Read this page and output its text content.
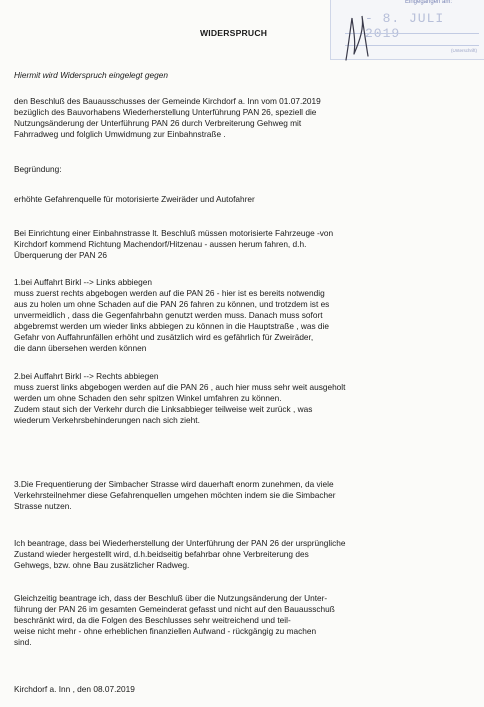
Eingegangen am:
- 8. JULI 2019
(Unterschrift)
WIDERSPRUCH
Hiermit wird Widerspruch eingelegt gegen
den Beschluß des Bauausschusses der Gemeinde Kirchdorf a. Inn vom 01.07.2019
bezüglich des Bauvorhabens Wiederherstellung Unterführung PAN 26, speziell die
Nutzungsänderung der Unterführung PAN 26 durch Verbreiterung Gehweg mit
Fahrradweg und folglich Umwidmung zur Einbahnstraße .
Begründung:
erhöhte Gefahrenquelle für motorisierte Zweiräder und Autofahrer
Bei Einrichtung einer Einbahnstrasse lt. Beschluß müssen motorisierte Fahrzeuge -von
Kirchdorf kommend Richtung Machendorf/Hitzenau - aussen herum fahren, d.h.
Überquerung der PAN 26
1.bei Auffahrt Birkl --> Links abbiegen
muss zuerst rechts abgebogen werden auf die PAN 26 - hier ist es bereits notwendig
aus zu holen um ohne Schaden auf die PAN 26 fahren zu können, und trotzdem ist es
unvermeidlich , dass die Gegenfahrbahn genutzt werden muss. Danach muss sofort
abgebremst werden um wieder links abbiegen zu können in die Hauptstraße , was die
Gefahr von Auffahrunfällen erhöht und zusätzlich wird es gefährlich für Zweiräder,
die dann übersehen werden können
2.bei Auffahrt Birkl --> Rechts abbiegen
muss zuerst links abgebogen werden auf die PAN 26 , auch hier muss sehr weit ausgeholt
werden um ohne Schaden den sehr spitzen Winkel umfahren zu können.
Zudem staut sich der Verkehr durch die Linksabbieger teilweise weit zurück , was
wiederum Verkehrsbehinderungen nach sich zieht.
3.Die Frequentierung der Simbacher Strasse wird dauerhaft enorm zunehmen, da viele
Verkehrsteilnehmer diese Gefahrenquellen umgehen möchten indem sie die Simbacher
Strasse nutzen.
Ich beantrage, dass bei Wiederherstellung der Unterführung der PAN 26 der ursprüngliche
Zustand wieder hergestellt wird, d.h.beidseitig befahrbar ohne Verbreiterung des
Gehwegs, bzw. ohne Bau zusätzlicher Radweg.
Gleichzeitig beantrage ich, dass der Beschluß über die Nutzungsänderung der Unter-
führung der PAN 26 im gesamten Gemeinderat gefasst und nicht auf den Bauausschuß
beschränkt wird, da die Folgen des Beschlusses sehr weitreichend und teil-
weise nicht mehr - ohne erheblichen finanziellen Aufwand - rückgängig zu machen
sind.
Kirchdorf a. Inn , den 08.07.2019
